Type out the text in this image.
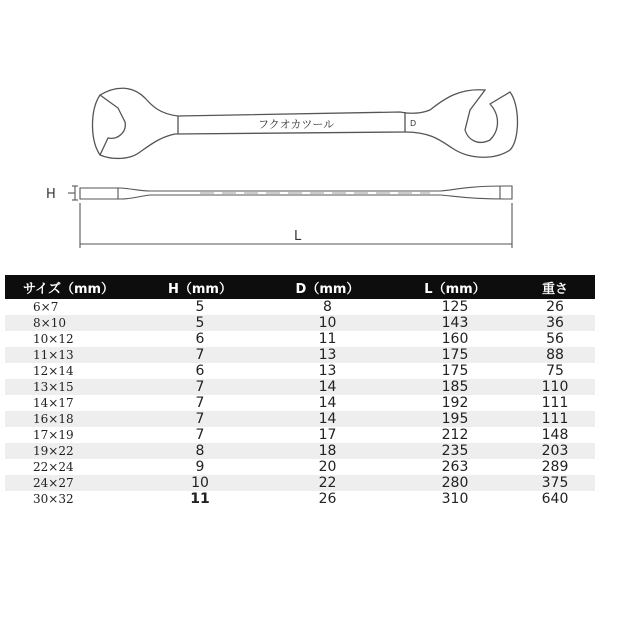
フクオカツール	D
H
L
サイズ（mm）	H（mm）	D（mm）	L（mm）	重さ
6×7	5	8	125	26
8×10	5	10	143	36
10×12	6	11	160	56
11×13	7	13	175	88
12×14	6	13	175	75
13×15	7	14	185	110
14×17	7	14	192	111
16×18	7	14	195	111
17×19	7	17	212	148
19×22	8	18	235	203
22×24	9	20	263	289
24×27	10	22	280	375
30×32	11	26	310	640
